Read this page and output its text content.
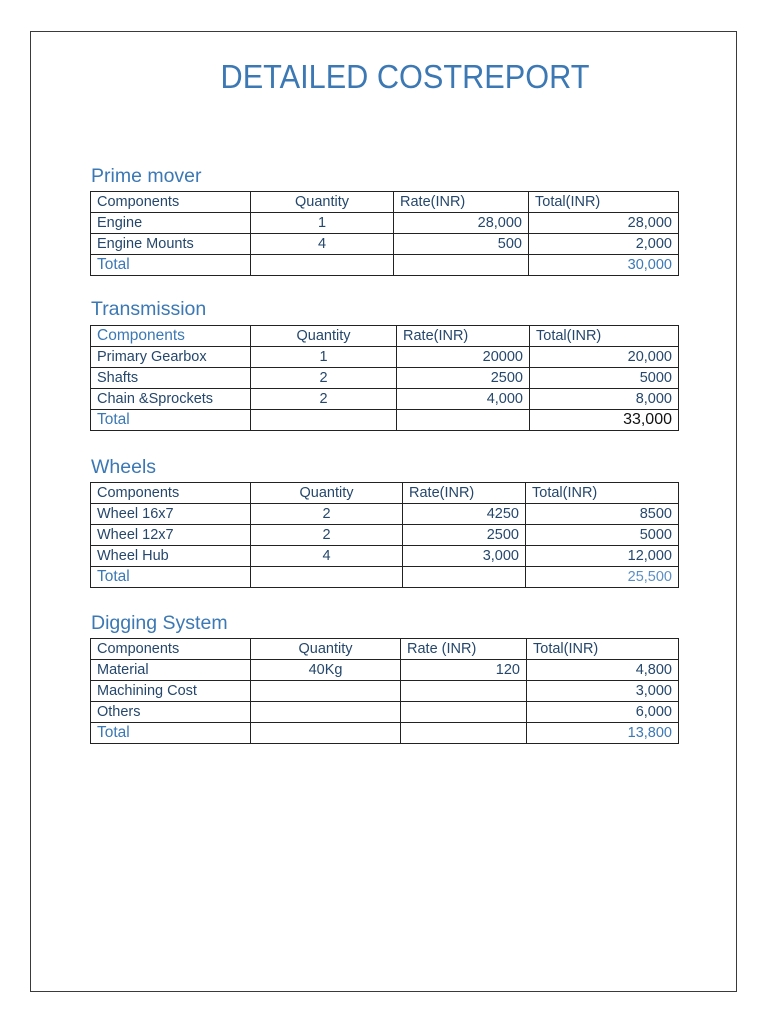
DETAILED COSTREPORT
Prime mover
Components	Quantity	Rate(INR)	Total(INR)
Engine	1	28,000	28,000
Engine Mounts	4	500	2,000
Total			30,000
Transmission
Components	Quantity	Rate(INR)	Total(INR)
Primary Gearbox	1	20000	20,000
Shafts	2	2500	5000
Chain &Sprockets	2	4,000	8,000
Total			33,000
Wheels
Components	Quantity	Rate(INR)	Total(INR)
Wheel 16x7	2	4250	8500
Wheel 12x7	2	2500	5000
Wheel Hub	4	3,000	12,000
Total			25,500
Digging System
Components	Quantity	Rate (INR)	Total(INR)
Material	40Kg	120	4,800
Machining Cost			3,000
Others			6,000
Total			13,800
